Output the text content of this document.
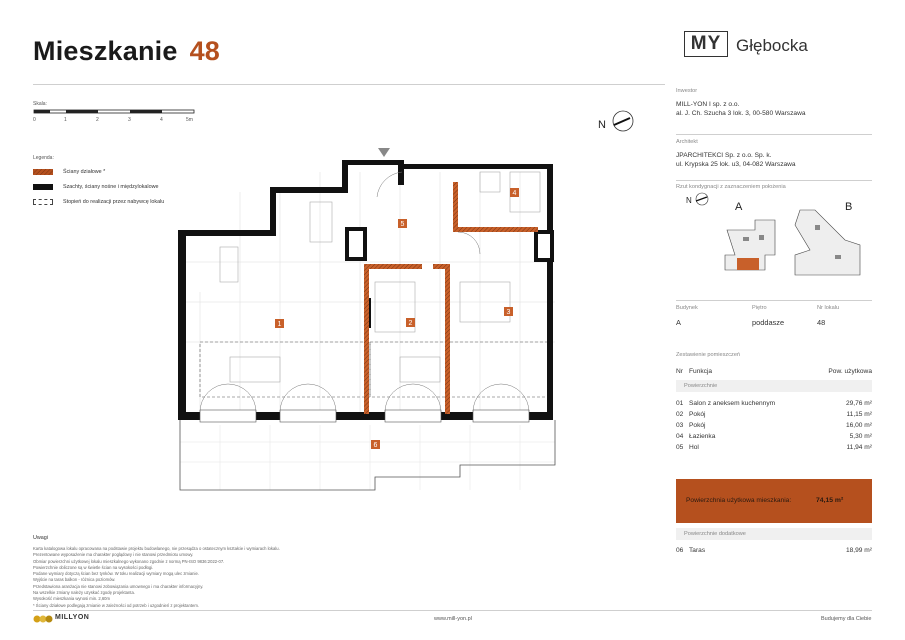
Mieszkanie 48	MY Głębocka
Skala:
0	1	2	3	4	5m
Legenda:
Ściany działowe *
Szachty, ściany nośne i międzylokalowe
Stopień do realizacji przez nabywcę lokalu
N
1	2
3
4
5
6
Inwestor
MILL-YON I sp. z o.o.
al. J. Ch. Szucha 3 lok. 3, 00-580 Warszawa
Architekt
JPARCHITEKCI Sp. z o.o. Sp. k.
ul. Krypska 25 lok. u3, 04-082 Warszawa
Rzut kondygnacji z zaznaczeniem położenia
N
A	B
Budynek	Piętro	Nr lokalu
A	poddasze	48
Zestawienie pomieszczeń
Nr Funkcja	Pow. użytkowa
Powierzchnie
01 Salon z aneksem kuchennym	29,76 m²
02 Pokój	11,15 m²
03 Pokój	16,00 m²
04 Łazienka	5,30 m²
05 Hol	11,94 m²
Powierzchnia użytkowa mieszkania:	74,15 m²
Powierzchnie dodatkowe
06 Taras	18,99 m²
Uwagi
Karta katalogowa lokalu opracowana na podstawie projektu budowlanego, nie przesądza o ostatecznym kształcie i wymiarach lokalu.
Prezentowane wyposażenie ma charakter poglądowy i nie stanowi przedmiotu umowy.
Obmiar powierzchni użytkowej lokalu mieszkalnego wykonano zgodnie z normą PN-ISO 9836:2022-07.
Powierzchnie obliczone są w świetle ścian na wysokości podłogi.
Podane wymiary dotyczą ścian bez tynków. W toku realizacji wymiary mogą ulec zmianie.
Wyjście na taras balkon - różnica poziomów.
Przedstawiona aranżacja nie stanowi zobowiązania umownego i ma charakter informacyjny.
Na wszelkie zmiany należy uzyskać zgodę projektanta.
Wysokość mieszkania wynosi min. 2,60m
* Ściany działowe podlegają zmianie w zależności od potrzeb i uzgodnień z projektantem.
MILLYON	www.mill-yon.pl	Budujemy dla Ciebie
